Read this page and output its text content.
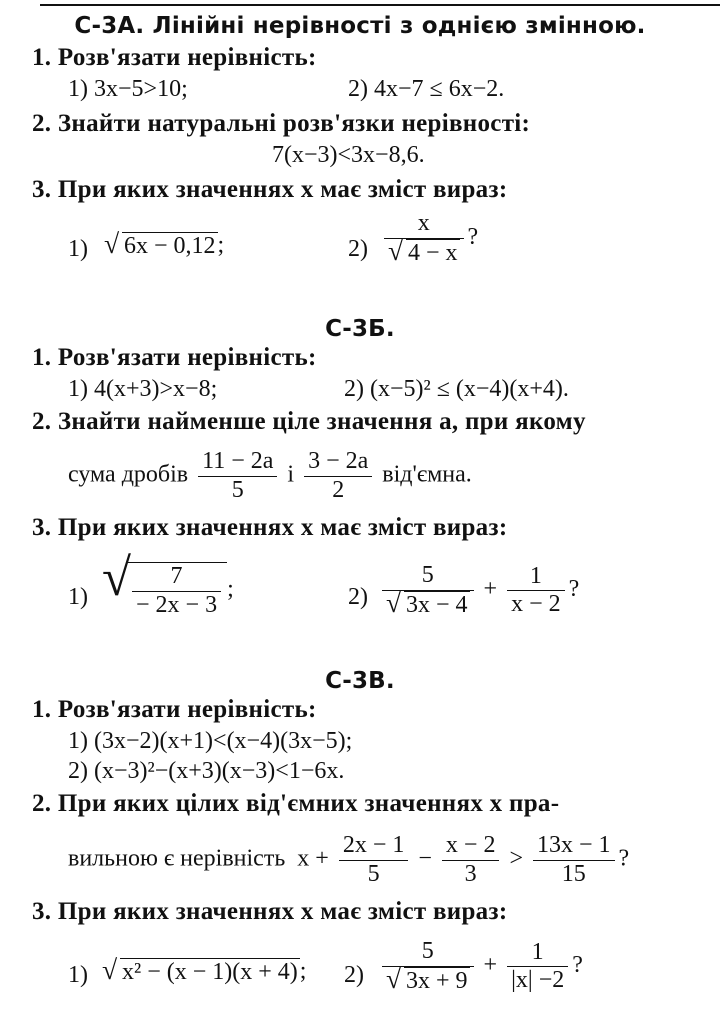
С-3А. Лінійні нерівності з однією змінною.
1. Розв'язати нерівність:
1) 3x−5>10;	2) 4x−7 ≤ 6x−2.
2. Знайти натуральні розв'язки нерівності:
7(x−3)<3x−8,6.
3. При яких значеннях x має зміст вираз:
1) √ 6x − 0,12;	$2) \frac{x}{√ 4 - x}$ ?
С-3Б.
1. Розв'язати нерівність:
1) 4(x+3)>x−8;	2) (x−5)² ≤ (x−4)(x+4).
2. Знайти найменше ціле значення a, при якому
сума дробів $\frac{11 - 2a}{5}$ і $\frac{3 - 2a}{2}$ від'ємна.
3. При яких значеннях x має зміст вираз:
1) √ $\frac{7}{- 2x - 3}$ ;	$2) \frac{5}{√ 3x - 4} + \frac{1}{x - 2}$ ?
С-3В.
1. Розв'язати нерівність:
1) (3x−2)(x+1)<(x−4)(3x−5);
2) (x−3)²−(x+3)(x−3)<1−6x.
2. При яких цілих від'ємних значеннях x пра-
вильною є нерівність $x + \frac{2x - 1}{5} - \frac{x - 2}{3} > \frac{13x - 1}{15}$ ?
3. При яких значеннях x має зміст вираз:
1) √ x² − (x − 1)(x + 4); $2) \frac{5}{√ 3x + 9} + \frac{1}{|x| -2}$ ?
